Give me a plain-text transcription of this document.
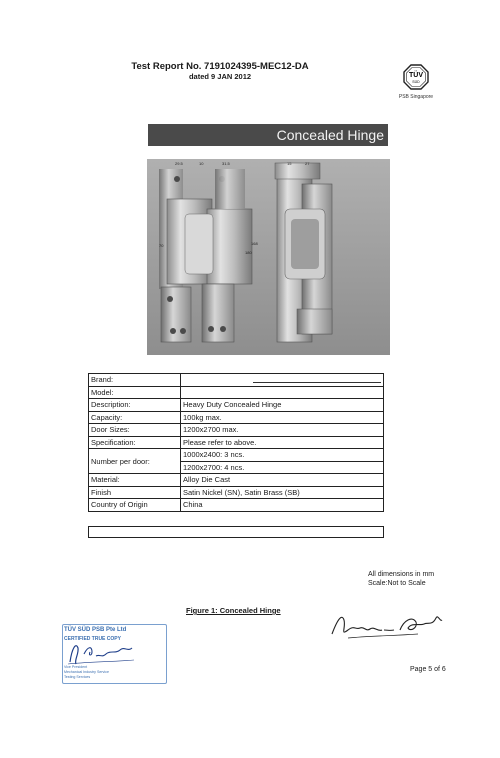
Test Report No. 7191024395-MEC12-DA
dated 9 JAN 2012	TÜV
SÜD
PSB Singapore
Concealed Hinge
29.5	10	31.5	15	27
70	168
180
Brand:	

Model:	
Description:	Heavy Duty Concealed Hinge
Capacity:	100kg max.
Door Sizes:	1200x2700 max.
Specification:	Please refer to above.
Number per door:	1000x2400: 3 ncs.
	1200x2700: 4 ncs.
Material:	Alloy Die Cast
Finish	Satin Nickel (SN), Satin Brass (SB)
Country of Origin	China
All dimensions in mm
Scale:Not to Scale
Figure 1: Concealed Hinge
TÜV SÜD PSB Pte Ltd
CERTIFIED TRUE COPY
Vice President
Mechanical Industry Service
Testing Services
Page 5 of 6
